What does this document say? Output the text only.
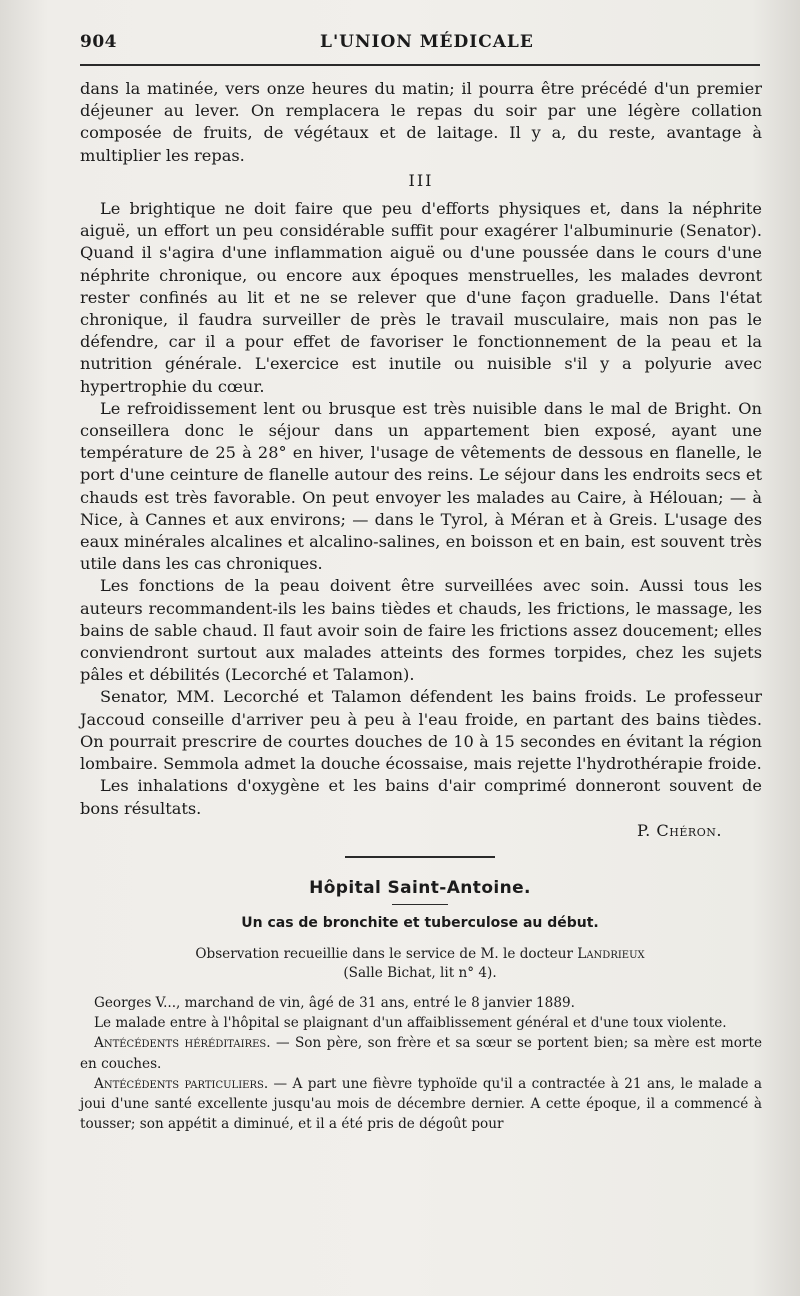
904	L'UNION MÉDICALE

dans la matinée, vers onze heures du matin; il pourra être précédé d'un premier déjeuner au lever. On remplacera le repas du soir par une légère collation composée de fruits, de végétaux et de laitage. Il y a, du reste, avantage à multiplier les repas.

III

Le brightique ne doit faire que peu d'efforts physiques et, dans la néphrite aiguë, un effort un peu considérable suffit pour exagérer l'albuminurie (Senator). Quand il s'agira d'une inflammation aiguë ou d'une poussée dans le cours d'une néphrite chronique, ou encore aux époques menstruelles, les malades devront rester confinés au lit et ne se relever que d'une façon graduelle. Dans l'état chronique, il faudra surveiller de près le travail musculaire, mais non pas le défendre, car il a pour effet de favoriser le fonctionnement de la peau et la nutrition générale. L'exercice est inutile ou nuisible s'il y a polyurie avec hypertrophie du cœur.

Le refroidissement lent ou brusque est très nuisible dans le mal de Bright. On conseillera donc le séjour dans un appartement bien exposé, ayant une température de 25 à 28° en hiver, l'usage de vêtements de dessous en flanelle, le port d'une ceinture de flanelle autour des reins. Le séjour dans les endroits secs et chauds est très favorable. On peut envoyer les malades au Caire, à Hélouan; — à Nice, à Cannes et aux environs; — dans le Tyrol, à Méran et à Greis. L'usage des eaux minérales alcalines et alcalino-salines, en boisson et en bain, est souvent très utile dans les cas chroniques.

Les fonctions de la peau doivent être surveillées avec soin. Aussi tous les auteurs recommandent-ils les bains tièdes et chauds, les frictions, le massage, les bains de sable chaud. Il faut avoir soin de faire les frictions assez doucement; elles conviendront surtout aux malades atteints des formes torpides, chez les sujets pâles et débilités (Lecorché et Talamon).

Senator, MM. Lecorché et Talamon défendent les bains froids. Le professeur Jaccoud conseille d'arriver peu à peu à l'eau froide, en partant des bains tièdes. On pourrait prescrire de courtes douches de 10 à 15 secondes en évitant la région lombaire. Semmola admet la douche écossaise, mais rejette l'hydrothérapie froide.

Les inhalations d'oxygène et les bains d'air comprimé donneront souvent de bons résultats.

P. Chéron.
Hôpital Saint-Antoine.
Un cas de bronchite et tuberculose au début.
Observation recueillie dans le service de M. le docteur Landrieux
(Salle Bichat, lit n° 4).

Georges V..., marchand de vin, âgé de 31 ans, entré le 8 janvier 1889.

Le malade entre à l'hôpital se plaignant d'un affaiblissement général et d'une toux violente.

Antécédents héréditaires. — Son père, son frère et sa sœur se portent bien; sa mère est morte en couches.

Antécédents particuliers. — A part une fièvre typhoïde qu'il a contractée à 21 ans, le malade a joui d'une santé excellente jusqu'au mois de décembre dernier. A cette époque, il a commencé à tousser; son appétit a diminué, et il a été pris de dégoût pour
